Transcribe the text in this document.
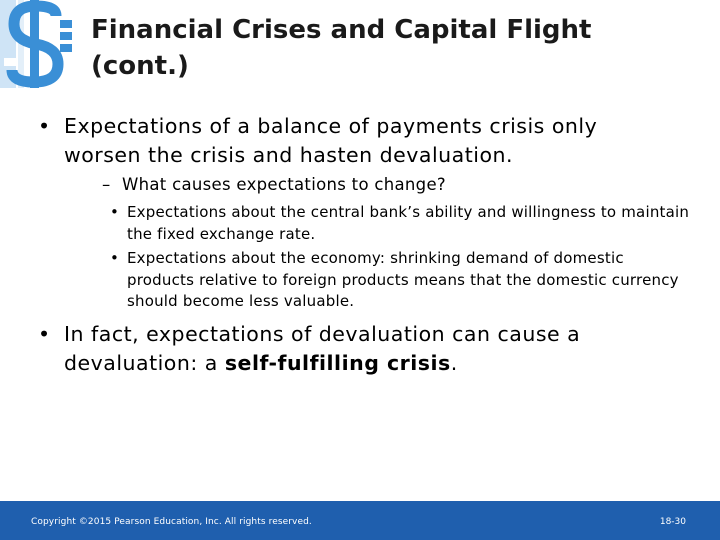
Financial Crises and Capital Flight
(cont.)
• Expectations of a balance of payments crisis only worsen the crisis and hasten devaluation.
– What causes expectations to change?
• Expectations about the central bank’s ability and willingness to maintain the fixed exchange rate.
• Expectations about the economy: shrinking demand of domestic products relative to foreign products means that the domestic currency should become less valuable.
• In fact, expectations of devaluation can cause a devaluation: a self-fulfilling crisis.
Copyright ©2015 Pearson Education, Inc. All rights reserved.	18-30
